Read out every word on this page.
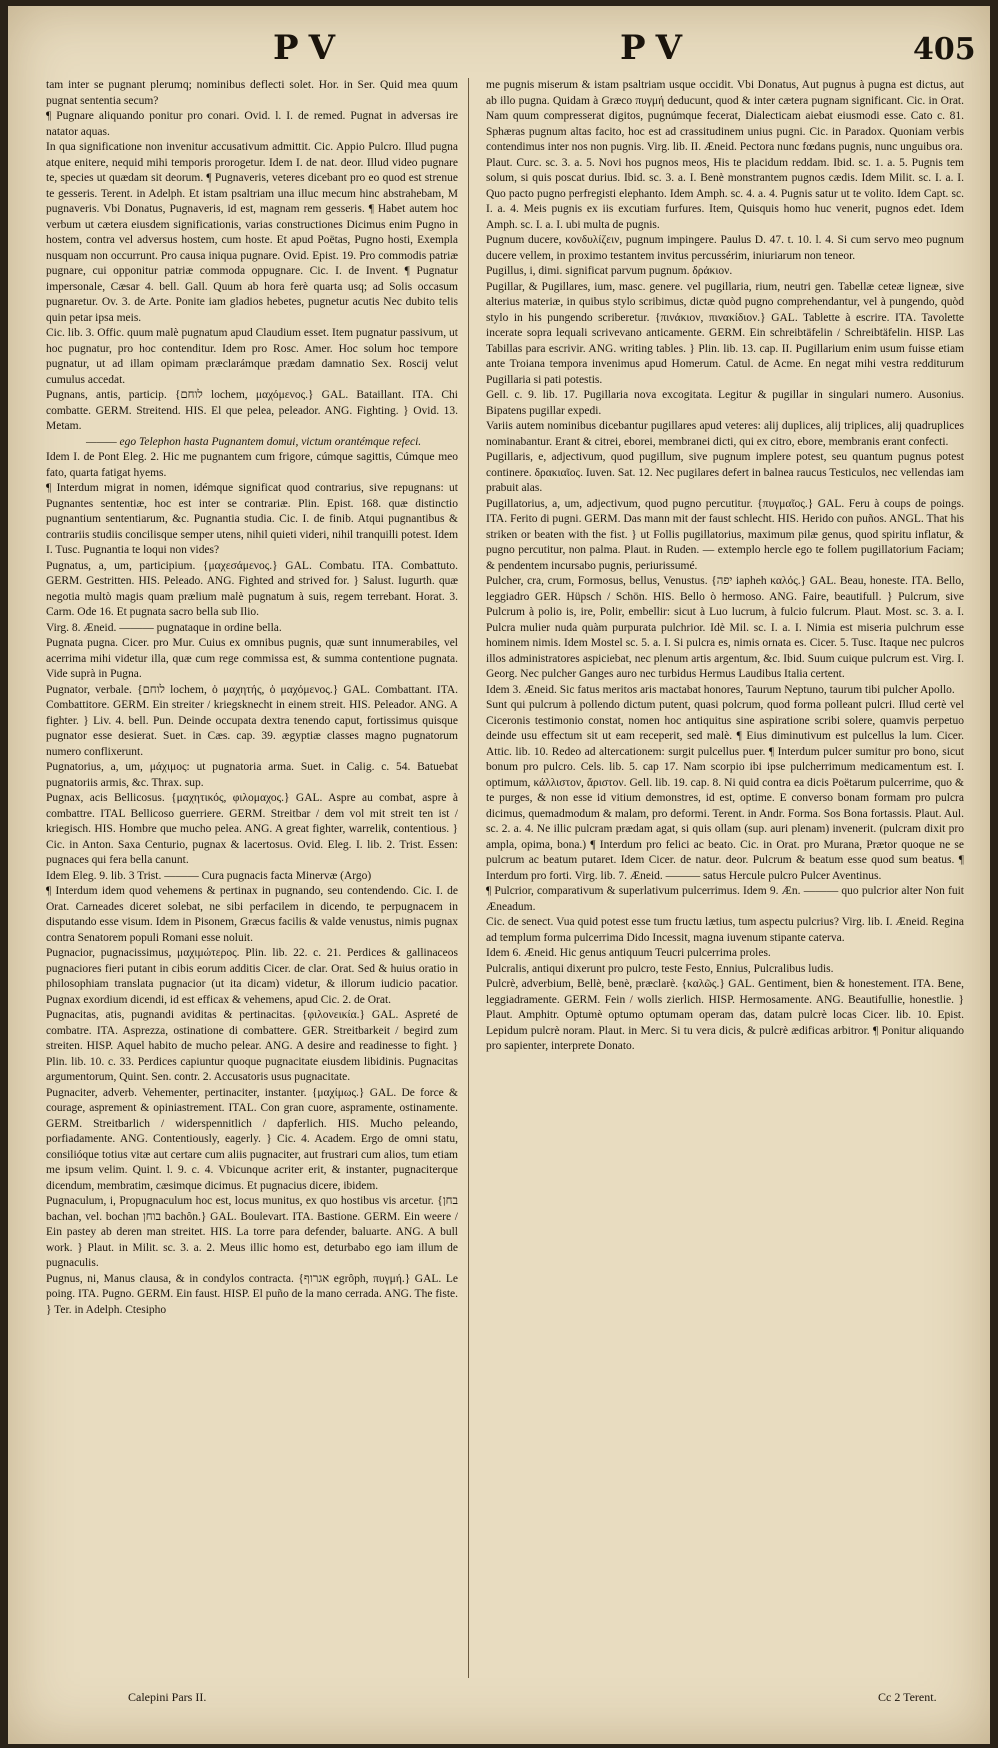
PV	PV	405

tam inter se pugnant plerumq; nominibus deflecti solet. Hor. in Ser. Quid mea quum pugnat sententia secum?

¶ Pugnare aliquando ponitur pro conari. Ovid. l. I. de remed. Pugnat in adversas ire natator aquas.

In qua significatione non invenitur accusativum admittit. Cic. Appio Pulcro. Illud pugna atque enitere, nequid mihi temporis prorogetur. Idem I. de nat. deor. Illud video pugnare te, species ut quædam sit deorum. ¶ Pugnaveris, veteres dicebant pro eo quod est strenue te gesseris. Terent. in Adelph. Et istam psaltriam una illuc mecum hinc abstrahebam, M pugnaveris. Vbi Donatus, Pugnaveris, id est, magnam rem gesseris. ¶ Habet autem hoc verbum ut cætera eiusdem significationis, varias constructiones Dicimus enim Pugno in hostem, contra vel adversus hostem, cum hoste. Et apud Poëtas, Pugno hosti, Exempla nusquam non occurrunt. Pro causa iniqua pugnare. Ovid. Epist. 19. Pro commodis patriæ pugnare, cui opponitur patriæ commoda oppugnare. Cic. I. de Invent. ¶ Pugnatur impersonale, Cæsar 4. bell. Gall. Quum ab hora ferè quarta usq; ad Solis occasum pugnaretur. Ov. 3. de Arte. Ponite iam gladios hebetes, pugnetur acutis Nec dubito telis quin petar ipsa meis.

Cic. lib. 3. Offic. quum malè pugnatum apud Claudium esset. Item pugnatur passivum, ut hoc pugnatur, pro hoc contenditur. Idem pro Rosc. Amer. Hoc solum hoc tempore pugnatur, ut ad illam opimam præclarámque prædam damnatio Sex. Roscij velut cumulus accedat.

Pugnans, antis, particip. {לוחם lochem, μαχόμενος.} GAL. Bataillant. ITA. Chi combatte. GERM. Streitend. HIS. El que pelea, peleador. ANG. Fighting. } Ovid. 13. Metam.

——— ego Telephon hasta Pugnantem domui, victum orantémque refeci.

Idem I. de Pont Eleg. 2. Hic me pugnantem cum frigore, cúmque sagittis, Cúmque meo fato, quarta fatigat hyems.

¶ Interdum migrat in nomen, idémque significat quod contrarius, sive repugnans: ut Pugnantes sententiæ, hoc est inter se contrariæ. Plin. Epist. 168. quæ distinctio pugnantium sententiarum, &c. Pugnantia studia. Cic. I. de finib. Atqui pugnantibus & contrariis studiis concilisque semper utens, nihil quieti videri, nihil tranquilli potest. Idem I. Tusc. Pugnantia te loqui non vides?

Pugnatus, a, um, participium. {μαχεσάμενος.} GAL. Combatu. ITA. Combattuto. GERM. Gestritten. HIS. Peleado. ANG. Fighted and strived for. } Salust. Iugurth. quæ negotia multò magis quam prælium malè pugnatum à suis, regem terrebant. Horat. 3. Carm. Ode 16. Et pugnata sacro bella sub Ilio.

Virg. 8. Æneid. ——— pugnataque in ordine bella.

Pugnata pugna. Cicer. pro Mur. Cuius ex omnibus pugnis, quæ sunt innumerabiles, vel acerrima mihi videtur illa, quæ cum rege commissa est, & summa contentione pugnata. Vide suprà in Pugna.

Pugnator, verbale. {לוחם lochem, ὁ μαχητής, ὁ μαχόμενος.} GAL. Combattant. ITA. Combattitore. GERM. Ein streiter / kriegsknecht in einem streit. HIS. Peleador. ANG. A fighter. } Liv. 4. bell. Pun. Deinde occupata dextra tenendo caput, fortissimus quisque pugnator esse desierat. Suet. in Cæs. cap. 39. ægyptiæ classes magno pugnatorum numero conflixerunt.

Pugnatorius, a, um, μάχιμος: ut pugnatoria arma. Suet. in Calig. c. 54. Batuebat pugnatoriis armis, &c. Thrax. sup.

Pugnax, acis Bellicosus. {μαχητικός, φιλομαχος.} GAL. Aspre au combat, aspre à combattre. ITAL Bellicoso guerriere. GERM. Streitbar / dem vol mit streit ten ist / kriegisch. HIS. Hombre que mucho pelea. ANG. A great fighter, warrelik, contentious. } Cic. in Anton. Saxa Centurio, pugnax & lacertosus. Ovid. Eleg. I. lib. 2. Trist. Essen: pugnaces qui fera bella canunt.

Idem Eleg. 9. lib. 3 Trist. ——— Cura pugnacis facta Minervæ (Argo)

¶ Interdum idem quod vehemens & pertinax in pugnando, seu contendendo. Cic. I. de Orat. Carneades diceret solebat, ne sibi perfacilem in dicendo, te perpugnacem in disputando esse visum. Idem in Pisonem, Græcus facilis & valde venustus, nimis pugnax contra Senatorem populi Romani esse noluit.

Pugnacior, pugnacissimus, μαχιμώτερος. Plin. lib. 22. c. 21. Perdices & gallinaceos pugnaciores fieri putant in cibis eorum additis Cicer. de clar. Orat. Sed & huius oratio in philosophiam translata pugnacior (ut ita dicam) videtur, & illorum iudicio pacatior. Pugnax exordium dicendi, id est efficax & vehemens, apud Cic. 2. de Orat.

Pugnacitas, atis, pugnandi aviditas & pertinacitas. {φιλονεικία.} GAL. Aspreté de combatre. ITA. Asprezza, ostinatione di combattere. GER. Streitbarkeit / begird zum streiten. HISP. Aquel habito de mucho pelear. ANG. A desire and readinesse to fight. } Plin. lib. 10. c. 33. Perdices capiuntur quoque pugnacitate eiusdem libidinis. Pugnacitas argumentorum, Quint. Sen. contr. 2. Accusatoris usus pugnacitate.

Pugnaciter, adverb. Vehementer, pertinaciter, instanter. {μαχίμως.} GAL. De force & courage, asprement & opiniastrement. ITAL. Con gran cuore, aspramente, ostinamente. GERM. Streitbarlich / widerspennitlich / dapferlich. HIS. Mucho peleando, porfiadamente. ANG. Contentiously, eagerly. } Cic. 4. Academ. Ergo de omni statu, consilióque totius vitæ aut certare cum aliis pugnaciter, aut frustrari cum alios, tum etiam me ipsum velim. Quint. l. 9. c. 4. Vbicunque acriter erit, & instanter, pugnaciterque dicendum, membratim, cæsimque dicimus. Et pugnacius dicere, ibidem.

Pugnaculum, i, Propugnaculum hoc est, locus munitus, ex quo hostibus vis arcetur. {בחן bachan, vel. bochan בוחן bachôn.} GAL. Boulevart. ITA. Bastione. GERM. Ein weere / Ein pastey ab deren man streitet. HIS. La torre para defender, baluarte. ANG. A bull work. } Plaut. in Milit. sc. 3. a. 2. Meus illic homo est, deturbabo ego iam illum de pugnaculis.

Pugnus, ni, Manus clausa, & in condylos contracta. {אגרוף egrôph, πυγμή.} GAL. Le poing. ITA. Pugno. GERM. Ein faust. HISP. El puño de la mano cerrada. ANG. The fiste. } Ter. in Adelph. Ctesipho

me pugnis miserum & istam psaltriam usque occidit. Vbi Donatus, Aut pugnus à pugna est dictus, aut ab illo pugna. Quidam à Græco πυγμή deducunt, quod & inter cætera pugnam significant. Cic. in Orat. Nam quum compresserat digitos, pugnúmque fecerat, Dialecticam aiebat eiusmodi esse. Cato c. 81. Sphæras pugnum altas facito, hoc est ad crassitudinem unius pugni. Cic. in Paradox. Quoniam verbis contendimus inter nos non pugnis. Virg. lib. II. Æneid. Pectora nunc fœdans pugnis, nunc unguibus ora.

Plaut. Curc. sc. 3. a. 5. Novi hos pugnos meos, His te placidum reddam. Ibid. sc. 1. a. 5. Pugnis tem solum, si quis poscat durius. Ibid. sc. 3. a. I. Benè monstrantem pugnos cædis. Idem Milit. sc. I. a. I. Quo pacto pugno perfregisti elephanto. Idem Amph. sc. 4. a. 4. Pugnis satur ut te volito. Idem Capt. sc. I. a. 4. Meis pugnis ex iis excutiam furfures. Item, Quisquis homo huc venerit, pugnos edet. Idem Amph. sc. I. a. I. ubi multa de pugnis.

Pugnum ducere, κονδυλίζειν, pugnum impingere. Paulus D. 47. t. 10. l. 4. Si cum servo meo pugnum ducere vellem, in proximo testantem invitus percussérim, iniuriarum non teneor.

Pugillus, i, dimi. significat parvum pugnum. δράκιον.

Pugillar, & Pugillares, ium, masc. genere. vel pugillaria, rium, neutri gen. Tabellæ ceteæ ligneæ, sive alterius materiæ, in quibus stylo scribimus, dictæ quòd pugno comprehendantur, vel à pungendo, quòd stylo in his pungendo scriberetur. {πινάκιον, πινακίδιον.} GAL. Tablette à escrire. ITA. Tavolette incerate sopra lequali scrivevano anticamente. GERM. Ein schreibtäfelin / Schreibtäfelin. HISP. Las Tabillas para escrivir. ANG. writing tables. } Plin. lib. 13. cap. II. Pugillarium enim usum fuisse etiam ante Troiana tempora invenimus apud Homerum. Catul. de Acme. En negat mihi vestra redditurum Pugillaria si pati potestis.

Gell. c. 9. lib. 17. Pugillaria nova excogitata. Legitur & pugillar in singulari numero. Ausonius. Bipatens pugillar expedi.

Variis autem nominibus dicebantur pugillares apud veteres: alij duplices, alij triplices, alij quadruplices nominabantur. Erant & citrei, eborei, membranei dicti, qui ex citro, ebore, membranis erant confecti.

Pugillaris, e, adjectivum, quod pugillum, sive pugnum implere potest, seu quantum pugnus potest continere. δρακιαῖος. Iuven. Sat. 12. Nec pugilares defert in balnea raucus Testiculos, nec vellendas iam prabuit alas.

Pugillatorius, a, um, adjectivum, quod pugno percutitur. {πυγμαῖος.} GAL. Feru à coups de poings. ITA. Ferito di pugni. GERM. Das mann mit der faust schlecht. HIS. Herido con puños. ANGL. That his striken or beaten with the fist. } ut Follis pugillatorius, maximum pilæ genus, quod spiritu inflatur, & pugno percutitur, non palma. Plaut. in Ruden. — extemplo hercle ego te follem pugillatorium Faciam; & pendentem incursabo pugnis, periurissumé.

Pulcher, cra, crum, Formosus, bellus, Venustus. {יפה iapheh καλός.} GAL. Beau, honeste. ITA. Bello, leggiadro GER. Hüpsch / Schön. HIS. Bello ò hermoso. ANG. Faire, beautifull. } Pulcrum, sive Pulcrum à polio is, ire, Polir, embellir: sicut à Luo lucrum, à fulcio fulcrum. Plaut. Most. sc. 3. a. I. Pulcra mulier nuda quàm purpurata pulchrior. Idè Mil. sc. I. a. I. Nimia est miseria pulchrum esse hominem nimis. Idem Mostel sc. 5. a. I. Si pulcra es, nimis ornata es. Cicer. 5. Tusc. Itaque nec pulcros illos administratores aspiciebat, nec plenum artis argentum, &c. Ibid. Suum cuique pulcrum est. Virg. I. Georg. Nec pulcher Ganges auro nec turbidus Hermus Laudibus Italia certent.

Idem 3. Æneid. Sic fatus meritos aris mactabat honores, Taurum Neptuno, taurum tibi pulcher Apollo.

Sunt qui pulcrum à pollendo dictum putent, quasi polcrum, quod forma polleant pulcri. Illud certè vel Ciceronis testimonio constat, nomen hoc antiquitus sine aspiratione scribi solere, quamvis perpetuo deinde usu effectum sit ut eam receperit, sed malè. ¶ Eius diminutivum est pulcellus la lum. Cicer. Attic. lib. 10. Redeo ad altercationem: surgit pulcellus puer. ¶ Interdum pulcer sumitur pro bono, sicut bonum pro pulcro. Cels. lib. 5. cap 17. Nam scorpio ibi ipse pulcherrimum medicamentum est. I. optimum, κάλλιστον, ἄριστον. Gell. lib. 19. cap. 8. Ni quid contra ea dicis Poëtarum pulcerrime, quo & te purges, & non esse id vitium demonstres, id est, optime. E converso bonam formam pro pulcra dicimus, quemadmodum & malam, pro deformi. Terent. in Andr. Forma. Sos Bona fortassis. Plaut. Aul. sc. 2. a. 4. Ne illic pulcram prædam agat, si quis ollam (sup. auri plenam) invenerit. (pulcram dixit pro ampla, opima, bona.) ¶ Interdum pro felici ac beato. Cic. in Orat. pro Murana, Prætor quoque ne se pulcrum ac beatum putaret. Idem Cicer. de natur. deor. Pulcrum & beatum esse quod sum beatus. ¶ Interdum pro forti. Virg. lib. 7. Æneid. ——— satus Hercule pulcro Pulcer Aventinus.

¶ Pulcrior, comparativum & superlativum pulcerrimus. Idem 9. Æn. ——— quo pulcrior alter Non fuit Æneadum.

Cic. de senect. Vua quid potest esse tum fructu lætius, tum aspectu pulcrius? Virg. lib. I. Æneid. Regina ad templum forma pulcerrima Dido Incessit, magna iuvenum stipante caterva.

Idem 6. Æneid. Hic genus antiquum Teucri pulcerrima proles.

Pulcralis, antiqui dixerunt pro pulcro, teste Festo, Ennius, Pulcralibus ludis.

Pulcrè, adverbium, Bellè, benè, præclarè. {καλῶς.} GAL. Gentiment, bien & honestement. ITA. Bene, leggiadramente. GERM. Fein / wolls zierlich. HISP. Hermosamente. ANG. Beautifullie, honestlie. } Plaut. Amphitr. Optumè optumo optumam operam das, datam pulcrè locas Cicer. lib. 10. Epist. Lepidum pulcrè noram. Plaut. in Merc. Si tu vera dicis, & pulcrè ædificas arbitror. ¶ Ponitur aliquando pro sapienter, interprete Donato.

Calepini Pars II.	Cc 2 Terent.
